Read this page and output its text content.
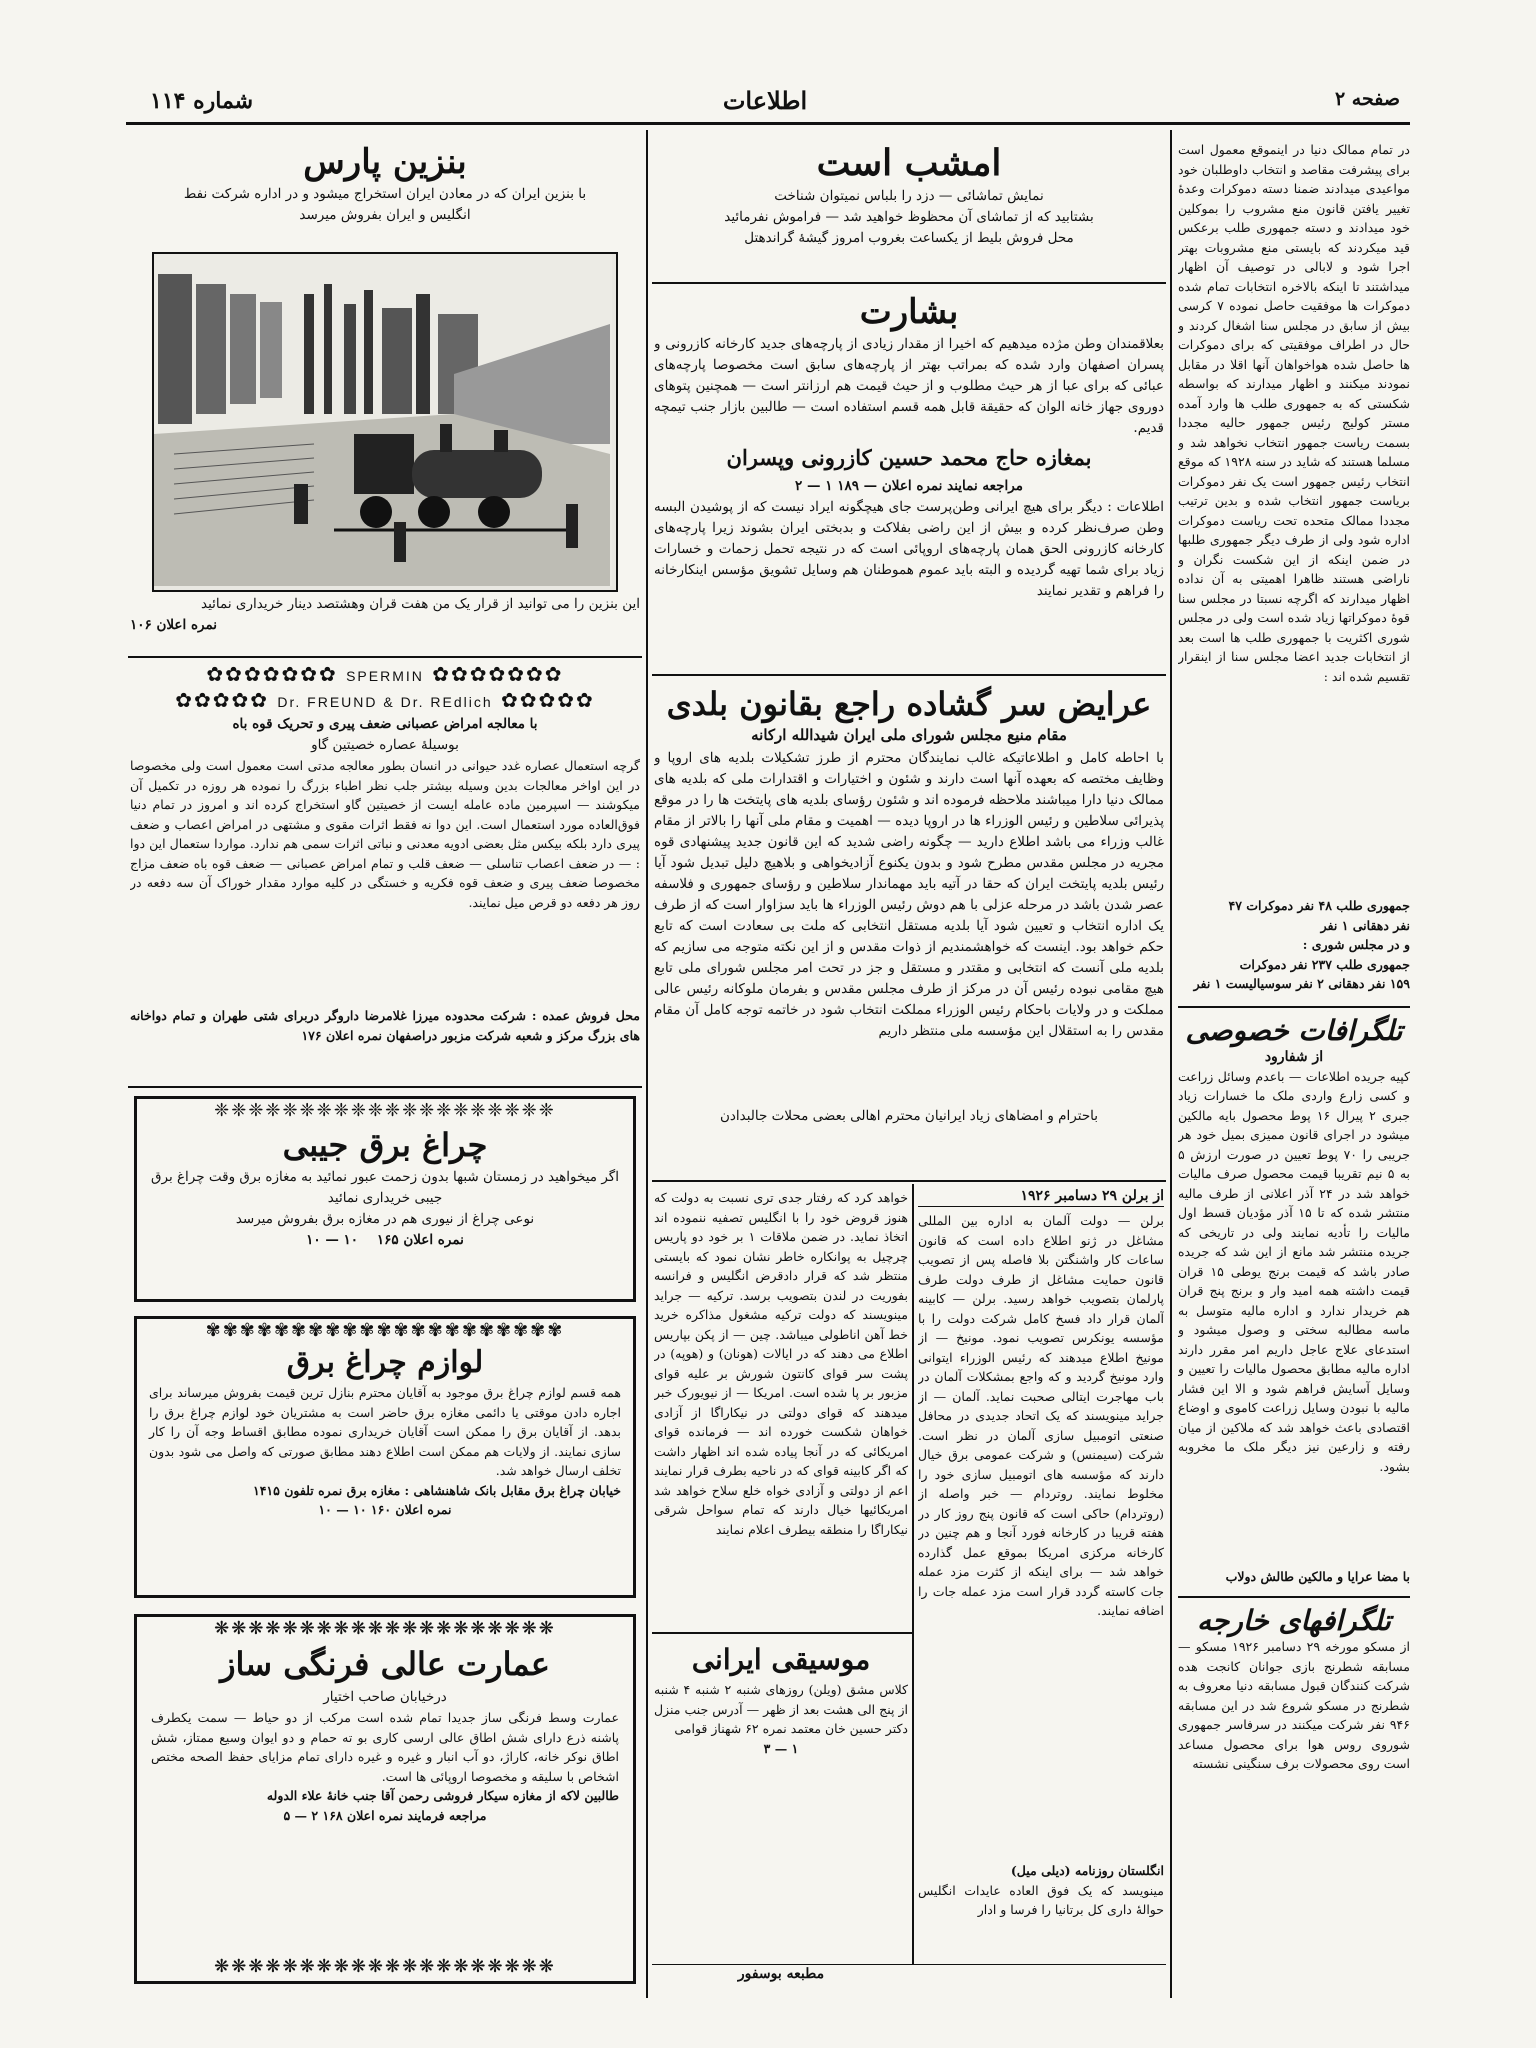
شماره ۱۱۴	اطلاعات	صفحه ۲

در تمام ممالک دنیا در اینموقع معمول است برای پیشرفت مقاصد و انتخاب داوطلبان خود مواعیدی میدادند ضمنا دسته دموکرات وعدۀ تغییر یافتن قانون منع مشروب را بموکلین خود میدادند و دسته جمهوری طلب برعکس قید میکردند که بایستی منع مشروبات بهتر اجرا شود و لابالی در توصیف آن اظهار میداشتند تا اینکه بالاخره انتخابات تمام شده دموکرات ها موفقیت حاصل نموده ۷ کرسی بیش از سابق در مجلس سنا اشغال کردند و حال در اطراف موفقیتی که برای دموکرات ها حاصل شده هواخواهان آنها اقلا در مقابل نمودند میکنند و اظهار میدارند که بواسطه شکستی که به جمهوری طلب ها وارد آمده مستر کولیج رئیس جمهور حالیه مجددا بسمت ریاست جمهور انتخاب نخواهد شد و مسلما هستند که شاید در سنه ۱۹۲۸ که موقع انتخاب رئیس جمهور است یک نفر دموکرات بریاست جمهور انتخاب شده و بدین ترتیب مجددا ممالک متحده تحت ریاست دموکرات اداره شود ولی از طرف دیگر جمهوری طلبها در ضمن اینکه از این شکست نگران و ناراضی هستند ظاهرا اهمیتی به آن نداده اظهار میدارند که اگرچه نسبتا در مجلس سنا قوۀ دموکراتها زیاد شده است ولی در مجلس شوری اکثریت با جمهوری طلب ها است بعد از انتخابات جدید اعضا مجلس سنا از اینقرار تقسیم شده اند :

جمهوری طلب ۴۸ نفر دموکرات ۴۷

نفر دهقانی ۱ نفر

و در مجلس شوری :

جمهوری طلب ۲۳۷ نفر دموکرات

۱۵۹ نفر دهقانی ۲ نفر سوسیالیست ۱ نفر

تلگرافات خصوصی
از شفارود

کپیه جریده اطلاعات — باعدم وسائل زراعت و کسی زارع واردی ملک ما خسارات زیاد جبری ۲ پیرال ۱۶ پوط محصول بایه مالکین میشود در اجرای قانون ممیزی بمیل خود هر جریبی را ۷۰ پوط تعیین در صورت ارزش ۵ به ۵ نیم تقریبا قیمت محصول صرف مالیات خواهد شد در ۲۴ آذر اعلانی از طرف مالیه منتشر شده که تا ۱۵ آذر مؤدیان قسط اول مالیات را تأدیه نمایند ولی در تاریخی که جریده منتشر شد مانع از این شد که جریده صادر باشد که قیمت برنج یوطی ۱۵ قران قیمت داشته همه امید وار و برنج پنج قران هم خریدار ندارد و اداره مالیه متوسل به ماسه مطالبه سختی و وصول میشود و استدعای علاج عاجل داریم امر مقرر دارند اداره مالیه مطابق محصول مالیات را تعیین و وسایل آسایش فراهم شود و الا این فشار مالیه با نبودن وسایل زراعت کاموی و اوضاع اقتصادی باعث خواهد شد که ملاکین از میان رفته و زارعین نیز دیگر ملک ما مخروبه بشود.

با مضا عرایا و مالکین طالش دولاب

تلگرافهای خارجه

از مسکو مورخه ۲۹ دسامبر ۱۹۲۶ مسکو — مسابقه شطرنج بازی جوانان کانجت هده شرکت کنندگان قبول مسابقه دنیا معروف به شطرنج در مسکو شروع شد در این مسابقه ۹۴۶ نفر شرکت میکنند در سرفاسر جمهوری شوروی روس هوا برای محصول مساعد است روی محصولات برف سنگینی نشسته

امشب است

نمایش تماشائی — دزد را بلباس نمیتوان شناخت

بشتابید که از تماشای آن محظوظ خواهید شد — فراموش نفرمائید

محل فروش بلیط از یکساعت بغروب امروز گیشۀ گراندهتل

بشارت

بعلاقمندان وطن مژده میدهیم که اخیرا از مقدار زیادی از پارچه‌های جدید کارخانه کازرونی و پسران اصفهان وارد شده که بمراتب بهتر از پارچه‌های سابق است مخصوصا پارچه‌های عبائی که برای عبا از هر حیث مطلوب و از حیث قیمت هم ارزانتر است — همچنین پتوهای دوروی جهاز خانه الوان که حقیقة قابل همه قسم استفاده است — طالبین بازار جنب تیمچه قدیم.

بمغازه حاج محمد حسین کازرونی وپسران

مراجعه نمایند نمره اعلان — ۱۸۹ ۱ — ۲

اطلاعات : دیگر برای هیچ ایرانی وطن‌پرست جای هیچگونه ایراد نیست که از پوشیدن البسه وطن صرف‌نظر کرده و بیش از این راضی بفلاکت و بدبختی ایران بشوند زیرا پارچه‌های کارخانه کازرونی الحق همان پارچه‌های اروپائی است که در نتیجه تحمل زحمات و خسارات زیاد برای شما تهیه گردیده و البته باید عموم هموطنان هم وسایل تشویق مؤسس اینکارخانه را فراهم و تقدیر نمایند

عرایض سر گشاده راجع بقانون بلدی
مقام منیع مجلس شورای ملی ایران شیدالله ارکانه

با احاطه کامل و اطلاعاتیکه غالب نمایندگان محترم از طرز تشکیلات بلدیه های اروپا و وظایف مختصه که بعهده آنها است دارند و شئون و اختیارات و اقتدارات ملی که بلدیه های ممالک دنیا دارا میباشند ملاحظه فرموده اند و شئون رؤسای بلدیه های پایتخت ها را در موقع پذیرائی سلاطین و رئیس الوزراء ها در اروپا دیده — اهمیت و مقام ملی آنها را بالاتر از مقام غالب وزراء می باشد اطلاع دارید — چگونه راضی شدید که این قانون جدید پیشنهادی قوه مجریه در مجلس مقدس مطرح شود و بدون یکنوع آزادیخواهی و بلاهیچ دلیل تبدیل شود آیا رئیس بلدیه پایتخت ایران که حقا در آتیه باید مهماندار سلاطین و رؤسای جمهوری و فلاسفه عصر شدن باشد در مرحله عزلی با هم دوش رئیس الوزراء ها باید سزاوار است که از طرف یک اداره انتخاب و تعیین شود آیا بلدیه مستقل انتخابی که ملت بی سعادت است که تابع حکم خواهد بود. اینست که خواهشمندیم از ذوات مقدس و از این نکته متوجه می سازیم که بلدیه ملی آنست که انتخابی و مقتدر و مستقل و جز در تحت امر مجلس شورای ملی تابع هیچ مقامی نبوده رئیس آن در مرکز از طرف مجلس مقدس و بفرمان ملوکانه رئیس عالی مملکت و در ولایات باحکام رئیس الوزراء مملکت انتخاب شود در خاتمه توجه کامل آن مقام مقدس را به استقلال این مؤسسه ملی منتظر داریم

باحترام و امضاهای زیاد ایرانیان محترم اهالی بعضی محلات جالبدادن

از برلن ۲۹ دسامبر ۱۹۲۶

برلن — دولت آلمان به اداره بین المللی مشاغل در ژنو اطلاع داده است که قانون ساعات کار واشنگتن بلا فاصله پس از تصویب قانون حمایت مشاغل از طرف دولت طرف پارلمان بتصویب خواهد رسید. برلن — کابینه آلمان قرار داد فسخ کامل شرکت دولت را با مؤسسه یونکرس تصویب نمود. مونیخ — از مونیخ اطلاع میدهند که رئیس الوزراء ایتوانی وارد مونیخ گردید و که واجع بمشکلات آلمان در باب مهاجرت ایتالی صحبت نماید. آلمان — از جراید مینویسند که یک اتحاد جدیدی در محافل صنعتی اتومبیل سازی آلمان در نظر است. شرکت (سیمنس) و شرکت عمومی برق خیال دارند که مؤسسه های اتومبیل سازی خود را مخلوط نمایند. روتردام — خبر واصله از (روتردام) حاکی است که قانون پنج روز کار در هفته قریبا در کارخانه فورد آنجا و هم چنین در کارخانه مرکزی امریکا بموقع عمل گذارده خواهد شد — برای اینکه از کثرت مزد عمله جات کاسته گردد قرار است مزد عمله جات را اضافه نمایند.

انگلستان روزنامه (دیلی میل)

مینویسد که یک فوق العاده عایدات انگلیس حوالۀ داری کل برتانیا را فرسا و ادار

خواهد کرد که رفتار جدی تری نسبت به دولت که هنوز قروض خود را با انگلیس تصفیه ننموده اند اتخاذ نماید. در ضمن ملاقات ۱ بر خود دو پاریس چرچیل به پوانکاره خاطر نشان نمود که بایستی منتظر شد که قرار دادقرض انگلیس و فرانسه بفوریت در لندن بتصویب برسد. ترکیه — جراید مینویسند که دولت ترکیه مشغول مذاکره خرید خط آهن اناطولی میباشد. چین — از پکن بپاریس اطلاع می دهند که در ایالات (هونان) و (هوپه) در پشت سر قوای کانتون شورش بر علیه قوای مزبور بر پا شده است. امریکا — از نیویورک خبر میدهند که قوای دولتی در نیکاراگا از آزادی خواهان شکست خورده اند — فرمانده قوای امریکائی که در آنجا پیاده شده اند اظهار داشت که اگر کابینه قوای که در ناحیه بطرف قرار نمایند اعم از دولتی و آزادی خواه خلع سلاح خواهد شد امریکائیها خیال دارند که تمام سواحل شرقی نیکاراگا را منطقه بیطرف اعلام نمایند

موسیقی ایرانی

کلاس مشق (ویلن) روزهای شنبه ۲ شنبه ۴ شنبه از پنج الی هشت بعد از ظهر — آدرس جنب منزل دکتر حسین خان معتمد نمره ۶۲ شهناز قوامی

۱ — ۳

مطبعه بوسفور
بنزین پارس

با بنزین ایران که در معادن ایران استخراج میشود و در اداره شرکت نفط

انگلیس و ایران بفروش میرسد

این بنزین را می توانید از قرار یک من هفت قران وهشتصد دینار خریداری نمائید

نمره اعلان ۱۰۶

✿✿✿✿✿✿✿ SPERMIN ✿✿✿✿✿✿✿
✿✿✿✿✿ Dr. FREUND & Dr. REdlich ✿✿✿✿✿

با معالجه امراض عصبانی ضعف پیری و تحریک قوه باه

بوسیلۀ عصاره خصیتین گاو

گرچه استعمال عصاره غدد حیوانی در انسان بطور معالجه مدتی است معمول است ولی مخصوصا در این اواخر معالجات بدین وسیله بیشتر جلب نظر اطباء بزرگ را نموده هر روزه در تکمیل آن میکوشند — اسپرمین ماده عامله ایست از خصیتین گاو استخراج کرده اند و امروز در تمام دنیا فوق‌العاده مورد استعمال است. این دوا نه فقط اثرات مقوی و مشتهی در امراض اعصاب و ضعف پیری دارد بلکه بیکس مثل بعضی ادویه معدنی و نباتی اثرات سمی هم ندارد. مواردا ستعمال این دوا : — در ضعف اعصاب تناسلی — ضعف قلب و تمام امراض عصبانی — ضعف قوه باه ضعف مزاج مخصوصا ضعف پیری و ضعف قوه فکریه و خستگی در کلیه موارد مقدار خوراک آن سه دفعه در روز هر دفعه دو قرص میل نمایند.

محل فروش عمده : شرکت محدوده میرزا غلامرضا داروگر دربرای شتی طهران و تمام دواخانه های بزرگ مرکز و شعبه شرکت مزبور دراصفهان نمره اعلان ۱۷۶

❈❈❈❈❈❈❈❈❈❈❈❈❈❈❈❈❈❈❈❈
چراغ برق جیبی

اگر میخواهید در زمستان شبها بدون زحمت عبور نمائید به مغازه برق وقت چراغ برق جیبی خریداری نمائید

نوعی چراغ از نیوری هم در مغازه برق بفروش میرسد

نمره اعلان ۱۶۵    ۱۰ — ۱۰

✾✾✾✾✾✾✾✾✾✾✾✾✾✾✾✾✾✾✾✾✾
لوازم چراغ برق

همه‌ قسم لوازم چراغ برق موجود به آقایان محترم بنازل ترین قیمت بفروش میرساند برای اجاره دادن موقتی یا دائمی مغازه برق حاضر است به مشتریان خود لوازم چراغ برق را بدهد. از آقایان برق را ممکن است آقایان خریداری نموده مطابق اقساط وجه آن را کار سازی نمایند. از ولایات هم ممکن است اطلاع دهند مطابق صورتی که واصل می شود بدون تخلف ارسال خواهد شد.

خیابان چراغ برق مقابل بانک شاهنشاهی : مغازه برق نمره تلفون ۱۴۱۵

نمره اعلان ۱۶۰ ۱۰ — ۱۰

❋❋❋❋❋❋❋❋❋❋❋❋❋❋❋❋❋❋❋❋
عمارت عالی فرنگی ساز

درخیابان صاحب اختیار

عمارت وسط فرنگی ساز جدیدا تمام شده است مرکب از دو حیاط — سمت یکطرف پاشنه ذرع دارای شش اطاق عالی ارسی کاری بو ته حمام و دو ایوان وسیع ممتاز، شش اطاق نوکر خانه، کاراژ، دو آب انبار و غیره و غیره دارای تمام مزایای حفظ الصحه مختص اشخاص با سلیقه و مخصوصا اروپائی ها است.

طالبین لاکه از مغازه سیکار فروشی رحمن آقا جنب خانۀ علاء الدوله

مراجعه فرمایند نمره اعلان ۱۶۸ ۲ — ۵

❋❋❋❋❋❋❋❋❋❋❋❋❋❋❋❋❋❋❋❋
